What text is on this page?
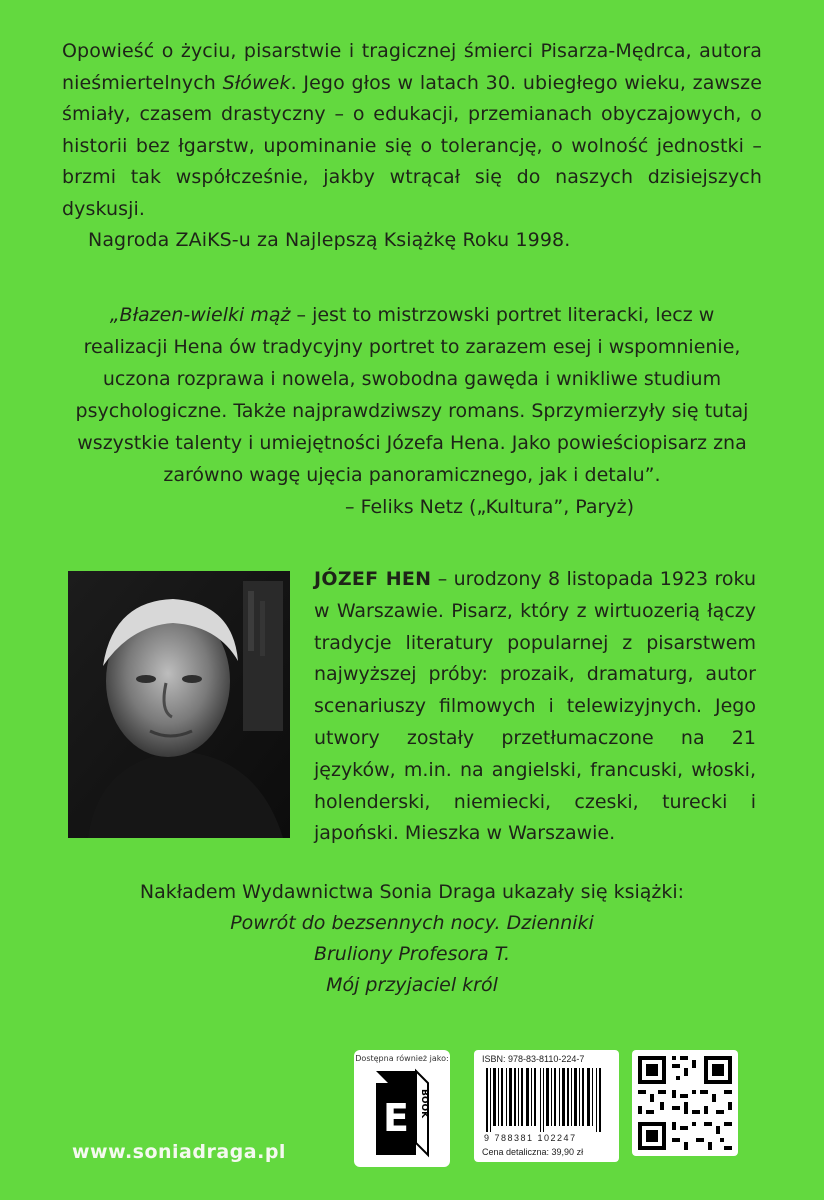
Opowieść o życiu, pisarstwie i tragicznej śmierci Pisarza-Mędrca, autora nieśmiertelnych Słówek. Jego głos w latach 30. ubiegłego wieku, zawsze śmiały, czasem drastyczny – o edukacji, przemianach obyczajowych, o historii bez łgarstw, upominanie się o tolerancję, o wolność jednostki – brzmi tak współcześnie, jakby wtrącał się do naszych dzisiejszych dyskusji.

Nagroda ZAiKS-u za Najlepszą Książkę Roku 1998.

„Błazen-wielki mąż – jest to mistrzowski portret literacki, lecz w realizacji Hena ów tradycyjny portret to zarazem esej i wspomnienie, uczona rozprawa i nowela, swobodna gawęda i wnikliwe studium psychologiczne. Także najprawdziwszy romans. Sprzymierzyły się tutaj wszystkie talenty i umiejętności Józefa Hena. Jako powieściopisarz zna zarówno wagę ujęcia panoramicznego, jak i detalu”.

– Feliks Netz („Kultura”, Paryż)

JÓZEF HEN – urodzony 8 listopada 1923 roku w Warszawie. Pisarz, który z wirtuozerią łączy tradycje literatury popularnej z pisarstwem najwyższej próby: prozaik, dramaturg, autor scenariuszy filmowych i telewizyjnych. Jego utwory zostały przetłumaczone na 21 języków, m.in. na angielski, francuski, włoski, holenderski, niemiecki, czeski, turecki i japoński. Mieszka w Warszawie.

Nakładem Wydawnictwa Sonia Draga ukazały się książki:

Powrót do bezsennych nocy. Dzienniki
Bruliony Profesora T.
Mój przyjaciel król
www.soniadraga.pl
Dostępna również jako:
E BOOK
ISBN: 978-83-8110-224-7
9 788381 102247
Cena detaliczna: 39,90 zł
